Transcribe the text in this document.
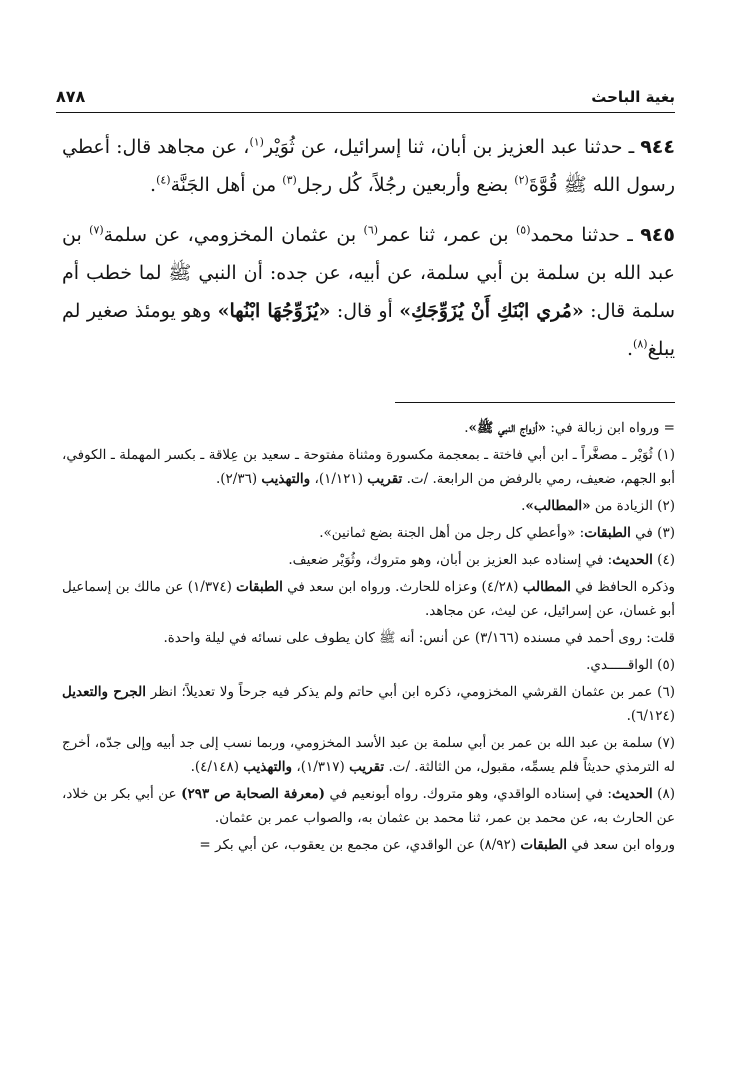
بغية الباحث
٨٧٨

٩٤٤ ـ حدثنا عبد العزيز بن أبان، ثنا إسرائيل، عن ثُوَيْر$^{(١)}$، عن مجاهد قال: أعطي رسول الله ﷺ قُوَّةَ$^{(٢)}$ بضع وأربعين رجُلاً، كُل رجل$^{(٣)}$ من أهل الجَنَّة$^{(٤)}$.

٩٤٥ ـ حدثنا محمد$^{(٥)}$ بن عمر، ثنا عمر$^{(٦)}$ بن عثمان المخزومي، عن سلمة$^{(٧)}$ بن عبد الله بن سلمة بن أبي سلمة، عن أبيه، عن جده: أن النبي ﷺ لما خطب أم سلمة قال: «مُري ابْنَكِ أَنْ يُزَوِّجَكِ» أو قال: «يُزَوِّجُهَا ابْنُها» وهو يومئذ صغير لم يبلغ$^{(٨)}$.

= ورواه ابن زبالة في: «أزواج النبي ﷺ».

(١) ثُوَيْر ـ مصغَّراً ـ ابن أبي فاختة ـ بمعجمة مكسورة ومثناة مفتوحة ـ سعيد بن عِلاقة ـ بكسر المهملة ـ الكوفي، أبو الجهم، ضعيف، رمي بالرفض من الرابعة. /ت. تقريب (١/١٢١)، والتهذيب (٢/٣٦).

(٢) الزيادة من «المطالب».

(٣) في الطبقات: «وأعطي كل رجل من أهل الجنة بضع ثمانين».

(٤) الحديث: في إسناده عبد العزيز بن أبان، وهو متروك، وثُوَيْر ضعيف.

وذكره الحافظ في المطالب (٤/٢٨) وعزاه للحارث. ورواه ابن سعد في الطبقات (١/٣٧٤) عن مالك بن إسماعيل أبو غسان، عن إسرائيل، عن ليث، عن مجاهد.

قلت: روى أحمد في مسنده (٣/١٦٦) عن أنس: أنه ﷺ كان يطوف على نسائه في ليلة واحدة.

(٥) الواقـــــدي.

(٦) عمر بن عثمان القرشي المخزومي، ذكره ابن أبي حاتم ولم يذكر فيه جرحاً ولا تعديلاً؛ انظر الجرح والتعديل (٦/١٢٤).

(٧) سلمة بن عبد الله بن عمر بن أبي سلمة بن عبد الأسد المخزومي، وربما نسب إلى جد أبيه وإلى جدّه، أخرج له الترمذي حديثاً فلم يسمِّه، مقبول، من الثالثة. /ت. تقريب (١/٣١٧)، والتهذيب (٤/١٤٨).

(٨) الحديث: في إسناده الواقدي، وهو متروك. رواه أبونعيم في (معرفة الصحابة ص ٢٩٣) عن أبي بكر بن خلاد، عن الحارث به، عن محمد بن عمر، ثنا محمد بن عثمان به، والصواب عمر بن عثمان.

ورواه ابن سعد في الطبقات (٨/٩٢) عن الواقدي، عن مجمع بن يعقوب، عن أبي بكر =
